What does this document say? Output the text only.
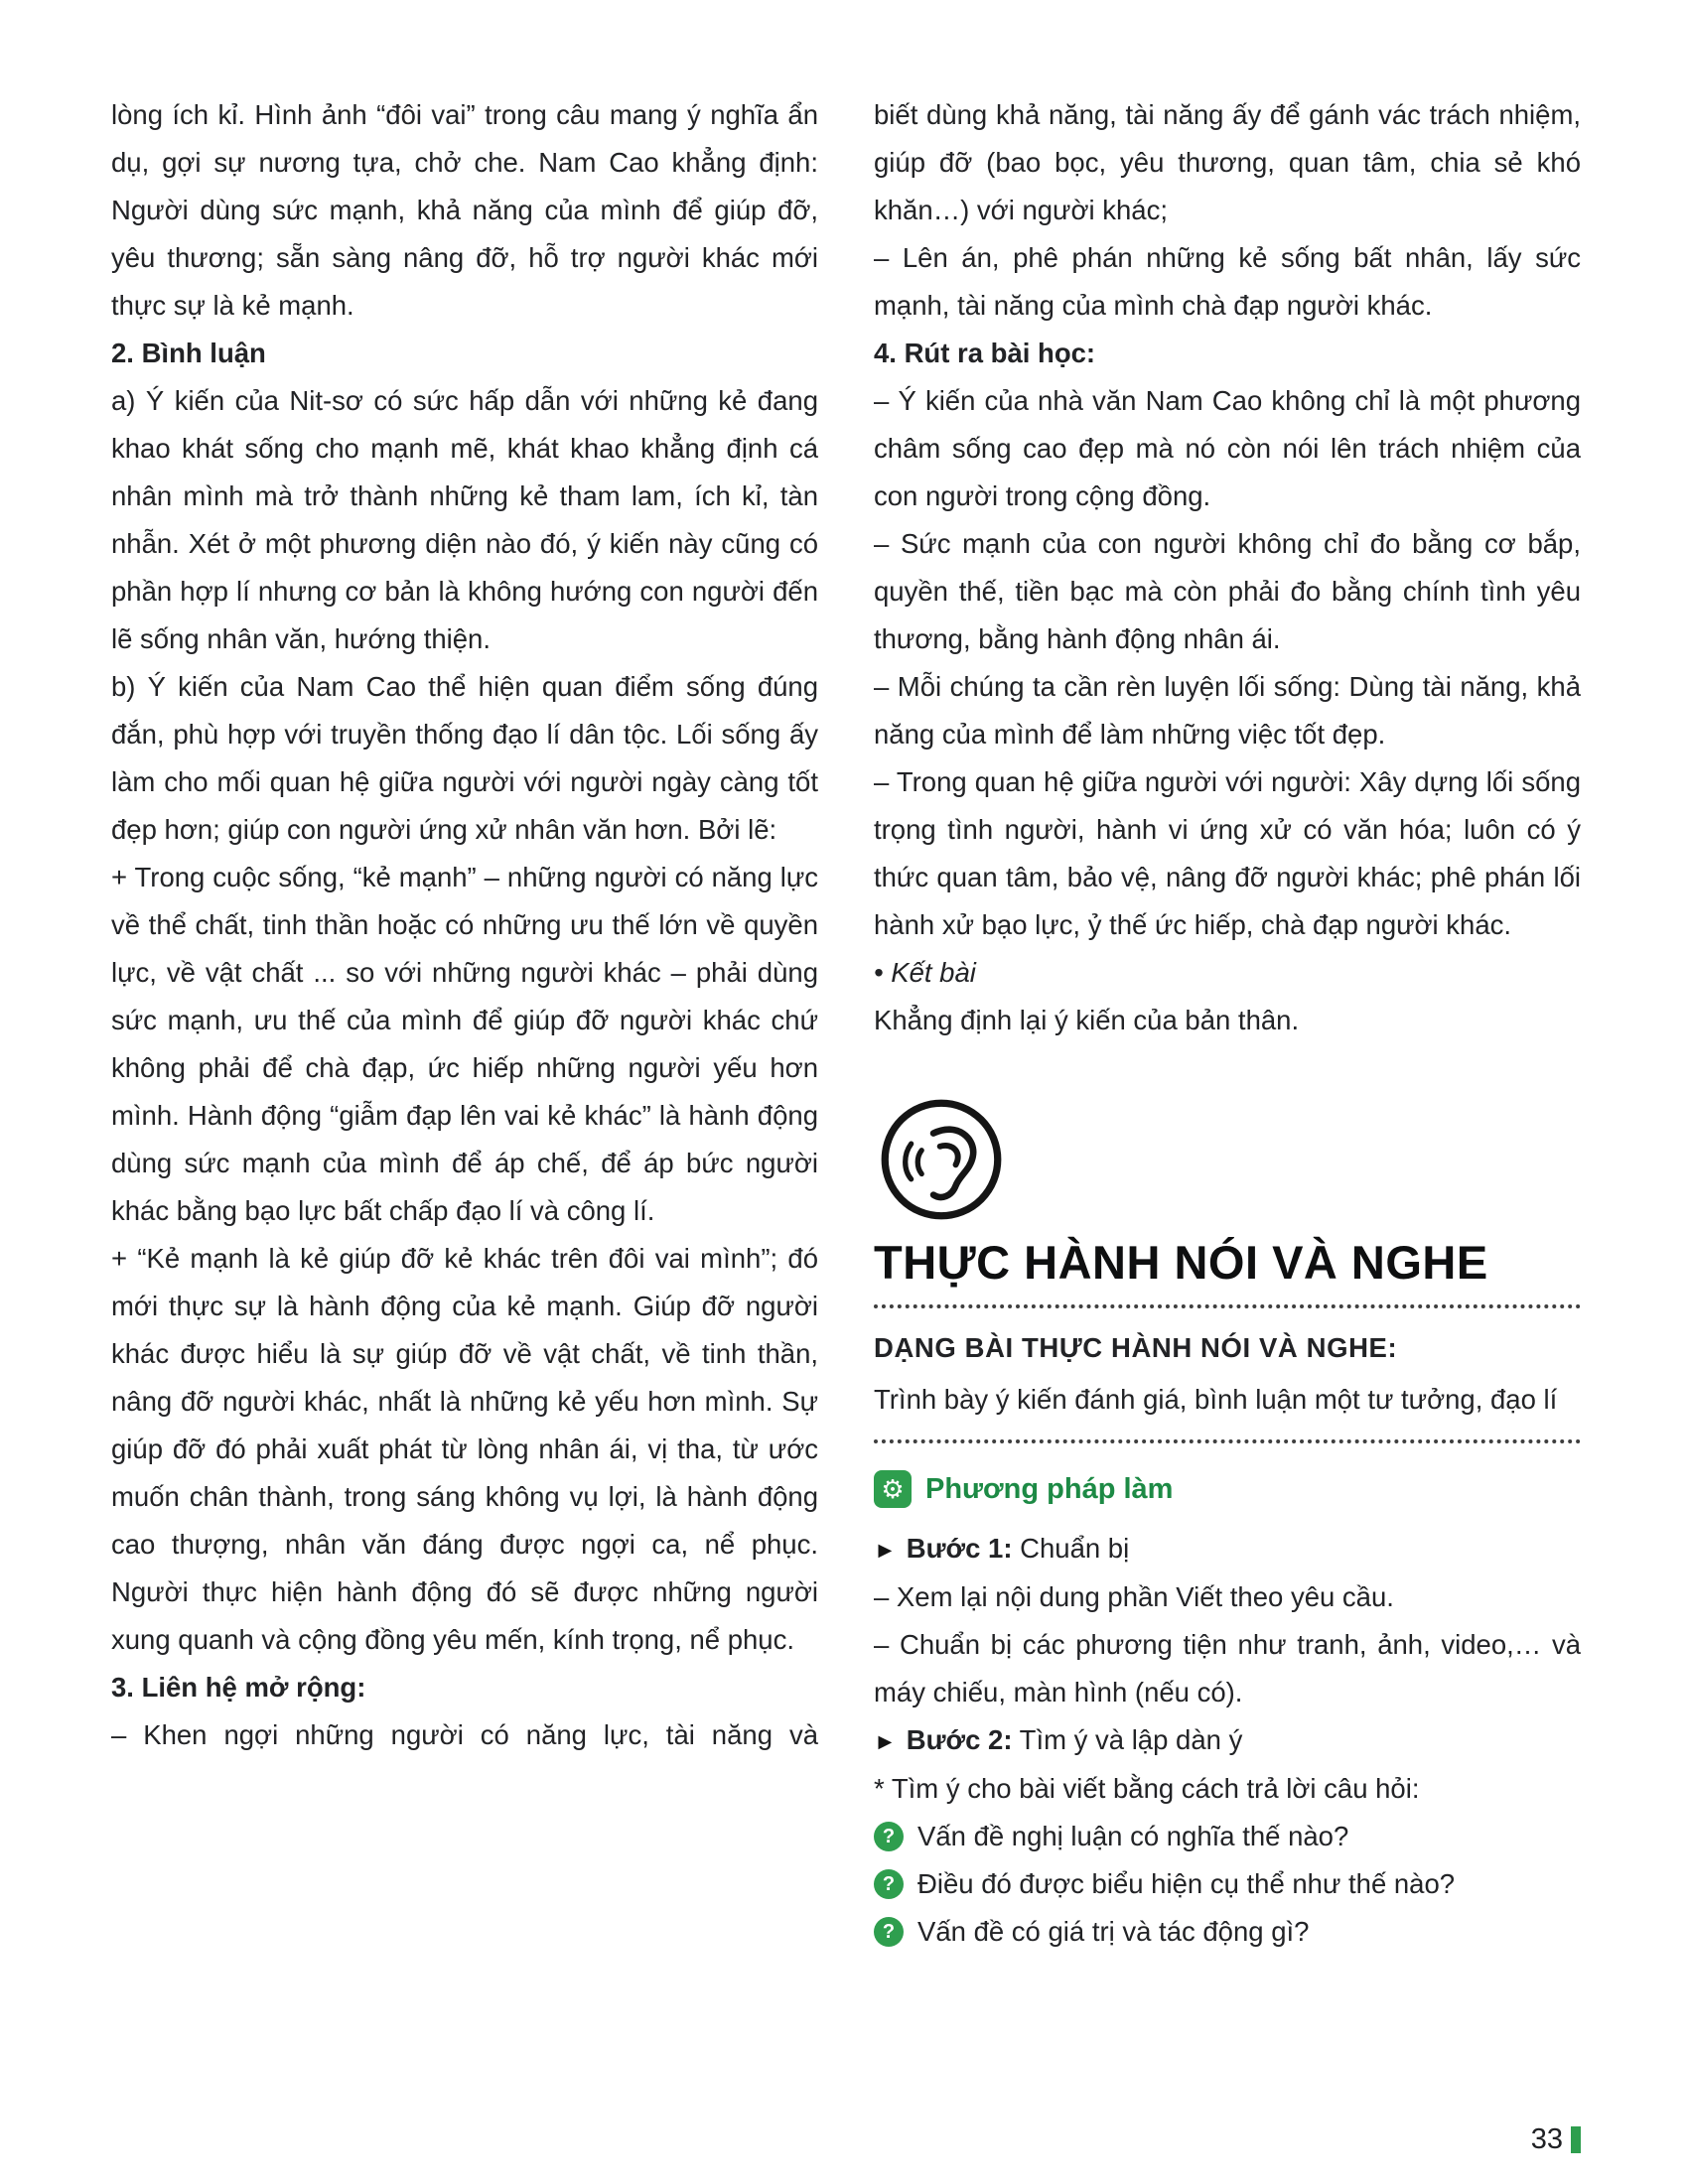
lòng ích kỉ. Hình ảnh “đôi vai” trong câu mang ý nghĩa ẩn dụ, gợi sự nương tựa, chở che. Nam Cao khẳng định: Người dùng sức mạnh, khả năng của mình để giúp đỡ, yêu thương; sẵn sàng nâng đỡ, hỗ trợ người khác mới thực sự là kẻ mạnh.

2. Bình luận

a) Ý kiến của Nit-sơ có sức hấp dẫn với những kẻ đang khao khát sống cho mạnh mẽ, khát khao khẳng định cá nhân mình mà trở thành những kẻ tham lam, ích kỉ, tàn nhẫn. Xét ở một phương diện nào đó, ý kiến này cũng có phần hợp lí nhưng cơ bản là không hướng con người đến lẽ sống nhân văn, hướng thiện.

b) Ý kiến của Nam Cao thể hiện quan điểm sống đúng đắn, phù hợp với truyền thống đạo lí dân tộc. Lối sống ấy làm cho mối quan hệ giữa người với người ngày càng tốt đẹp hơn; giúp con người ứng xử nhân văn hơn. Bởi lẽ:

+ Trong cuộc sống, “kẻ mạnh” – những người có năng lực về thể chất, tinh thần hoặc có những ưu thế lớn về quyền lực, về vật chất ... so với những người khác – phải dùng sức mạnh, ưu thế của mình để giúp đỡ người khác chứ không phải để chà đạp, ức hiếp những người yếu hơn mình. Hành động “giẫm đạp lên vai kẻ khác” là hành động dùng sức mạnh của mình để áp chế, để áp bức người khác bằng bạo lực bất chấp đạo lí và công lí.

+ “Kẻ mạnh là kẻ giúp đỡ kẻ khác trên đôi vai mình”; đó mới thực sự là hành động của kẻ mạnh. Giúp đỡ người khác được hiểu là sự giúp đỡ về vật chất, về tinh thần, nâng đỡ người khác, nhất là những kẻ yếu hơn mình. Sự giúp đỡ đó phải xuất phát từ lòng nhân ái, vị tha, từ ước muốn chân thành, trong sáng không vụ lợi, là hành động cao thượng, nhân văn đáng được ngợi ca, nể phục. Người thực hiện hành động đó sẽ được những người xung quanh và cộng đồng yêu mến, kính trọng, nể phục.

3. Liên hệ mở rộng:

– Khen ngợi những người có năng lực, tài năng và

biết dùng khả năng, tài năng ấy để gánh vác trách nhiệm, giúp đỡ (bao bọc, yêu thương, quan tâm, chia sẻ khó khăn…) với người khác;

– Lên án, phê phán những kẻ sống bất nhân, lấy sức mạnh, tài năng của mình chà đạp người khác.

4. Rút ra bài học:

– Ý kiến của nhà văn Nam Cao không chỉ là một phương châm sống cao đẹp mà nó còn nói lên trách nhiệm của con người trong cộng đồng.

– Sức mạnh của con người không chỉ đo bằng cơ bắp, quyền thế, tiền bạc mà còn phải đo bằng chính tình yêu thương, bằng hành động nhân ái.

– Mỗi chúng ta cần rèn luyện lối sống: Dùng tài năng, khả năng của mình để làm những việc tốt đẹp.

– Trong quan hệ giữa người với người: Xây dựng lối sống trọng tình người, hành vi ứng xử có văn hóa; luôn có ý thức quan tâm, bảo vệ, nâng đỡ người khác; phê phán lối hành xử bạo lực, ỷ thế ức hiếp, chà đạp người khác.

• Kết bài

Khẳng định lại ý kiến của bản thân.

THỰC HÀNH NÓI VÀ NGHE

DẠNG BÀI THỰC HÀNH NÓI VÀ NGHE:

Trình bày ý kiến đánh giá, bình luận một tư tưởng, đạo lí

⚙ Phương pháp làm

► Bước 1: Chuẩn bị

– Xem lại nội dung phần Viết theo yêu cầu.

– Chuẩn bị các phương tiện như tranh, ảnh, video,… và máy chiếu, màn hình (nếu có).

► Bước 2: Tìm ý và lập dàn ý

* Tìm ý cho bài viết bằng cách trả lời câu hỏi:

? Vấn đề nghị luận có nghĩa thế nào?
? Điều đó được biểu hiện cụ thể như thế nào?
? Vấn đề có giá trị và tác động gì?
33
